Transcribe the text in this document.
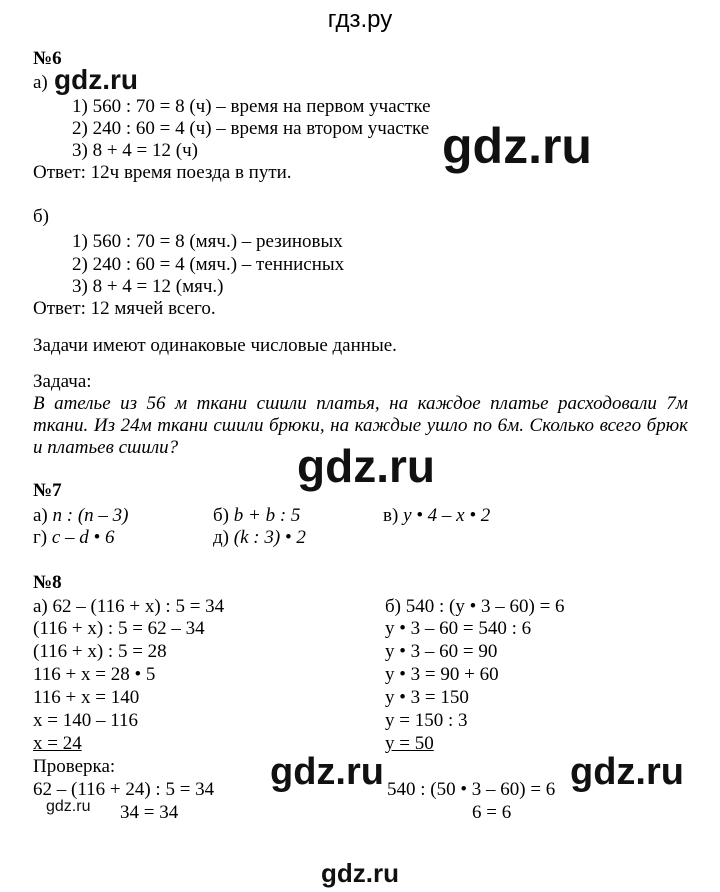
гдз.ру
№6
а) gdz.ru
1) 560 : 70 = 8 (ч) – время на первом участке
2) 240 : 60 = 4 (ч) – время на втором участке
3) 8 + 4 = 12 (ч)	gdz.ru
Ответ: 12ч время поезда в пути.
б)
1) 560 : 70 = 8 (мяч.) – резиновых
2) 240 : 60 = 4 (мяч.) – теннисных
3) 8 + 4 = 12 (мяч.)
Ответ: 12 мячей всего.
Задачи имеют одинаковые числовые данные.
Задача:
В ателье из 56 м ткани сшили платья, на каждое платье расходовали 7м ткани. Из 24м ткани сшили брюки, на каждые ушло по 6м. Сколько всего брюк и платьев сшили?	gdz.ru
№7
а) n : (n – 3)	б) b + b : 5	в) y • 4 – x • 2
г) c – d • 6	д) (k : 3) • 2
№8
а) 62 – (116 + x) : 5 = 34
(116 + x) : 5 = 62 – 34
(116 + x) : 5 = 28
116 + x = 28 • 5
116 + x = 140
x = 140 – 116
x = 24
б) 540 : (y • 3 – 60) = 6
y • 3 – 60 = 540 : 6
y • 3 – 60 = 90
y • 3 = 90 + 60
y • 3 = 150
y = 150 : 3
y = 50
Проверка:
62 – (116 + 24) : 5 = 34
34 = 34
540 : (50 • 3 – 60) = 6
6 = 6
gdz.ru	gdz.ru
gdz.ru
gdz.ru
